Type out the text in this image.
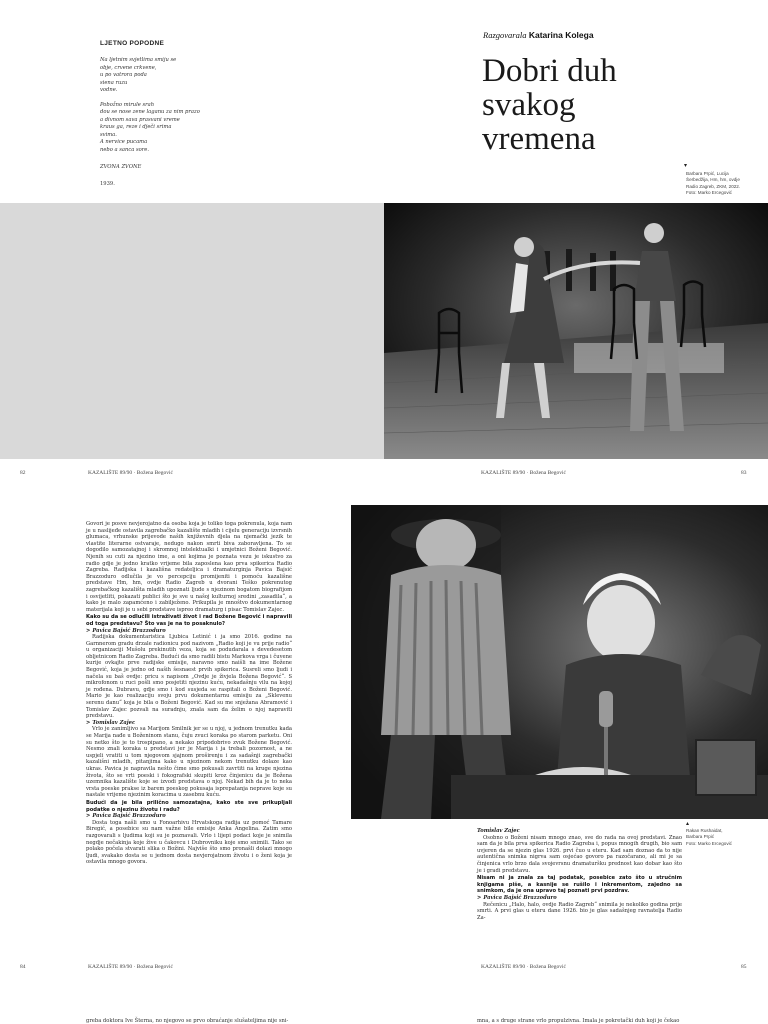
LJETNO POPODNE
Na ljetnim svjetlima smiju se
obje, crvene crkvene,
u po vatrora poda
siena ruzu
vodne.
Pobožno mirule srah
dou se nose zene laganu za nim prazo
a divnom sava prasvani vreme
kraus ga, reze i dječi srima
svima.
A nervice pucama
nebo a sanca sore.
ZVONA ZVONE
1939.
Razgovarala Katarina Kolega
Dobri duh
svakog
vremena
▾
Barbara Prpić, Lucija
Šerbedžija, Hm, hm, ovdje
Radio Zagreb, ZKM, 2022.
Foto: Marko Ercegović
82	KAZALIŠTE 89/90 · Božena Begović	KAZALIŠTE 89/90 · Božena Begović	83

Govori je posve nevjerojatno da osoba koja je toliko toga pokrenula, koja nam je u naslijeđe ostavila zagrebačko kazalište mladih i cijelu generaciju izvrsnih glumaca, vrhunske prijevode naših književnih djela na njemački jezik te vlastite literarne ostvaraje, nedugo nakon smrti biva zaboravljena. To se dogodilo samozatajnoj i skromnoj intelektualki i umjetnici Boženi Begović. Njenih su cuti za njezino ime, a oni kojima je poznata vezu je iskustvo za radio gdje je jedno kratko vrijeme bila zaposlena kao prva spikerica Radio Zagreba. Radijska i kazališna redateljica i dramaturginja Pavica Bajsić Brazzoduro odlučila je vo percepciju promijeniti i pomoću kazališne predstave Hm, hm, ovdje Radio Zagreb u dvorani Teško pokrenutog zagrebačkog kazališta mladih upoznati ljude s njezinom bogatom biografijom i osvijetliti, pokazati publici što je sve u našoj kulturnoj sredini „zasadila“, a kako je malo zapamćeno i zabilježeno. Prikupila je mnoštvo dokumentarnog materijala koji je u sebi predstave ispreo dramaturg i pisac Tomislav Zajec.

Kako su da se odlučili istraživati život i rad Božene Begović i napravili od toga predstavu? Što vas je na to posaknulo?

> Pavica Bajsić Brazzoduro

Radijska dokumentaristica Ljubica Letinić i ja smo 2016. godine na Garnnerom gradu drzale radionicu pod nazivom „Radio koji je vu prije radio“ u organizaciji Mušolu prekinutih veza, koja se podudarala s devedesetom obljetnicom Radio Zagreba. Budući da smo radili bistu Markova vrga i čuvene kurije ovkajte prve radijske emisije, naravno smo naišli na ime Božene Begović, koja je jedno od naših šesnaest prvih spikerica. Susreli smo ljudi i načela su baš ovdje: pricu s napisom „Ovdje je živjela Božena Begović“. S mikrofonom u ruci pošli smo posjetiti njezinu kuću, nekadašnju vilu na kojoj je rođena. Dubravu, gdje smo i kod susjeda se raspitali o Boženi Begović. Mario je kao realizaciju svoju prvu dokumentarnu emisiju za „Sklevenu serenu danu“ koja je bila o Boženi Begović. Kad su me snježana Abramović i Tomislav Zajec pozvali na suradnju, znala sam da želim o njoj napraviti predstavu.

> Tomislav Zajec

Vrlo je zanimljivo sa Marijom Smilnik jer se u njoj, u jednom trenutku kada se Marija nađe u Boženinom stanu, čuju zvuci koraka po starom parketu. Oni su netko što je to trospipano, a nekako pripodobrivo zvuk Božene Begović. Nesmo znali koraka u predstavi jer je Marija i ja trebali pozornost, a ne uspjeli vratiti u tom njegovom sjajnom proširenju i za sadašnji zagrebački kazališni mladih, pitanjima kako u njezinom nekom trenutku dolaze kao ukras. Pavica je napravila nešto čime smo pokusali zavrtiti na kruge njezina života, što se vrti poeski i fokografski skupiti kroz činjenicu da je Božena uzemnika kazalište koje se izvodi predstava o njoj. Nekad bih da je to neka vrsta poeske prakse iz barem poeskog pokusaja isprepatanja neprave koje su nastale vrijeme njezinim koracima u zasebnu kuću.

Budući da je bila prilično samozatajna, kako ste sve prikupljali podatke o njezinu životu i radu?

> Pavica Bajsić Brazzoduro

Dosta toga našli smo u Fonoarhivu Hrvatskoga radija uz pomoć Tamare Biregić, a posebice su nam važne bile emisije Anka Angelina. Zatim smo razgovarali s ljudima koji su je poznavali. Vrlo i lijepi podaci koje je snimila negdje nečakinja koje žive u čakovcu i Dubrovniku koje smo snimili. Tako se polako počela stvarati slika o Božini. Najviše što smo pronašli dolazi mnogo ljudi, svakako dosta se u jednom dosta nevjerojatnom životu i o ženi koja je ostavila mnogo govora.

▴
Rakan Rushaidat,
Barbara Prpić
Foto: Marko Ercegović

Tomislav Zajec

Osobno o Boženi nisam mnogo znao, sve do rada na ovoj predstavi. Znao sam da je bila prva spikerica Radio Zagreba i, popus mnogih drugih, bio sam uvjeren da se njezin glas 1926. prvi čuo u eteru. Kad sam doznao da to nije autentična snimka nigrva sam osjećao govoro pa razočarano, ali mi je sa činjenica vrlo brzo dala svojevrsnu dramaturšku prednost kao dobar kao što je i gradi predstavu.

Nisam ni ja znala za taj podatak, posebice zato što u stručnim knjigama piše, a kasnije se rušilo i inkrementom, zajedno sa snimkom, da je ona upravo taj poznati prvi pozdrav.

> Pavica Bajsić Brazzoduro

Rečenicu „Halo, halo, ovdje Radio Zagreb“ snimila je nekoliko godina prije smrti. A prvi glas u eteru dane 1926. bio je glas sadašnjeg ravnatelja Radio Za-

84	KAZALIŠTE 89/90 · Božena Begović	KAZALIŠTE 89/90 · Božena Begović	85
greba doktora Ive Šterna, no njegovo se prvo obraćanje slušateljima nije sni-	mna, a s druge strane vrlo propulzivna. Imala je pokretački duh koji je čekao
